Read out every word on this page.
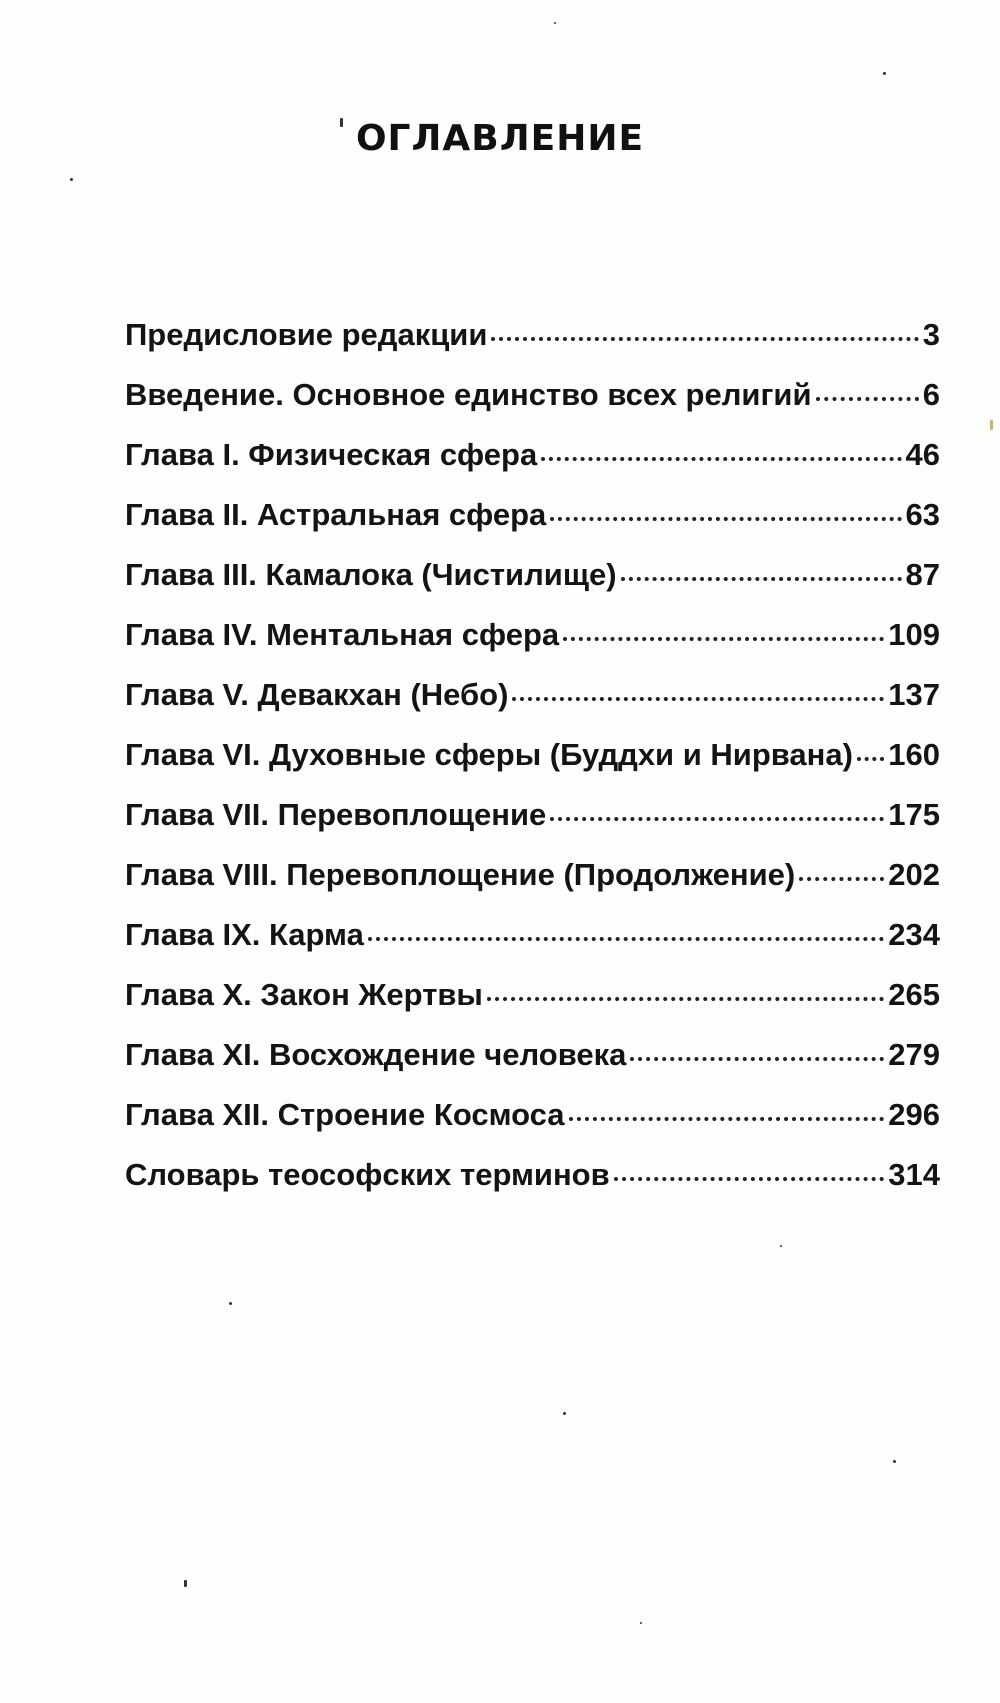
ОГЛАВЛЕНИЕ
Предисловие редакции	3
Введение. Основное единство всех религий	6
Глава I. Физическая сфера	46
Глава II. Астральная сфера	63
Глава III. Камалока (Чистилище)	87
Глава IV. Ментальная сфера	109
Глава V. Девакхан (Небо)	137
Глава VI. Духовные сферы (Буддхи и Нирвана) 160
Глава VII. Перевоплощение	175
Глава VIII. Перевоплощение (Продолжение)	202
Глава IX. Карма	234
Глава X. Закон Жертвы	265
Глава XI. Восхождение человека	279
Глава XII. Строение Космоса	296
Словарь теософских терминов	314
